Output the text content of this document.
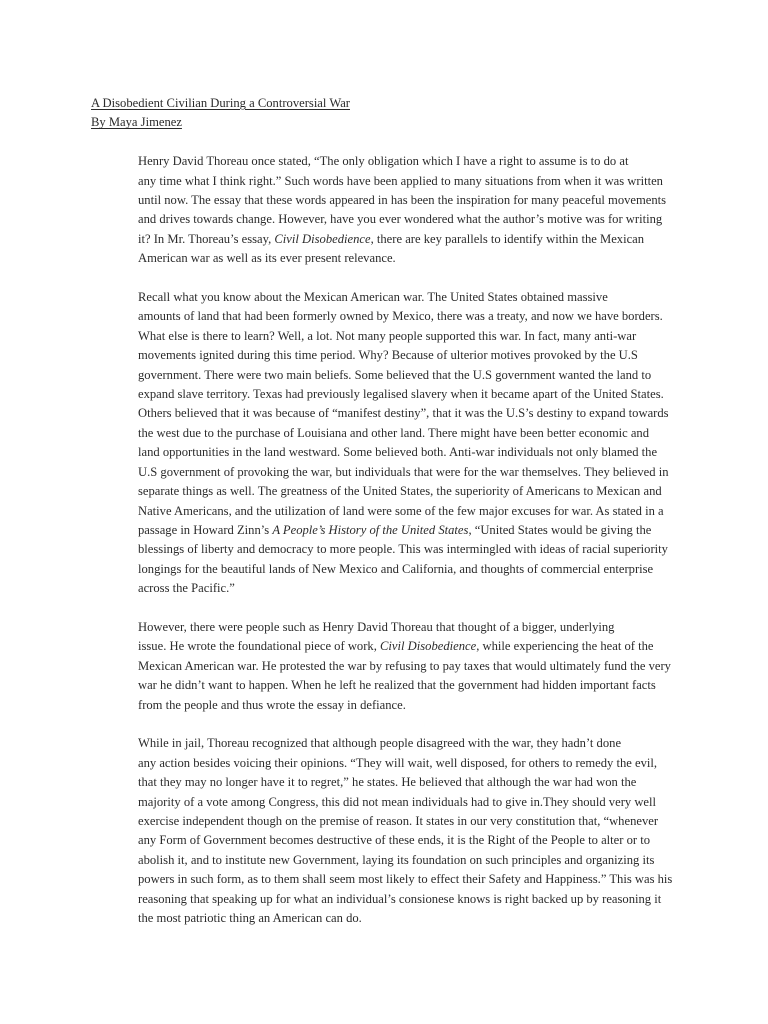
A Disobedient Civilian During a Controversial War
By Maya Jimenez
Henry David Thoreau once stated, “The only obligation which I have a right to assume is to do at
any time what I think right.” Such words have been applied to many situations from when it was written
until now. The essay that these words appeared in has been the inspiration for many peaceful movements
and drives towards change. However, have you ever wondered what the author’s motive was for writing
it? In Mr. Thoreau’s essay, Civil Disobedience, there are key parallels to identify within the Mexican
American war as well as its ever present relevance.
Recall what you know about the Mexican American war. The United States obtained massive
amounts of land that had been formerly owned by Mexico, there was a treaty, and now we have borders.
What else is there to learn? Well, a lot. Not many people supported this war. In fact, many anti-war
movements ignited during this time period. Why? Because of ulterior motives provoked by the U.S
government. There were two main beliefs. Some believed that the U.S government wanted the land to
expand slave territory. Texas had previously legalised slavery when it became apart of the United States.
Others believed that it was because of “manifest destiny”, that it was the U.S’s destiny to expand towards
the west due to the purchase of Louisiana and other land. There might have been better economic and
land opportunities in the land westward. Some believed both. Anti-war individuals not only blamed the
U.S government of provoking the war, but individuals that were for the war themselves. They believed in
separate things as well. The greatness of the United States, the superiority of Americans to Mexican and
Native Americans, and the utilization of land were some of the few major excuses for war. As stated in a
passage in Howard Zinn’s A People’s History of the United States, “United States would be giving the
blessings of liberty and democracy to more people. This was intermingled with ideas of racial superiority
longings for the beautiful lands of New Mexico and California, and thoughts of commercial enterprise
across the Pacific.”
However, there were people such as Henry David Thoreau that thought of a bigger, underlying
issue. He wrote the foundational piece of work, Civil Disobedience, while experiencing the heat of the
Mexican American war. He protested the war by refusing to pay taxes that would ultimately fund the very
war he didn’t want to happen. When he left he realized that the government had hidden important facts
from the people and thus wrote the essay in defiance.
While in jail, Thoreau recognized that although people disagreed with the war, they hadn’t done
any action besides voicing their opinions. “They will wait, well disposed, for others to remedy the evil,
that they may no longer have it to regret,” he states. He believed that although the war had won the
majority of a vote among Congress, this did not mean individuals had to give in.They should very well
exercise independent though on the premise of reason. It states in our very constitution that, “whenever
any Form of Government becomes destructive of these ends, it is the Right of the People to alter or to
abolish it, and to institute new Government, laying its foundation on such principles and organizing its
powers in such form, as to them shall seem most likely to effect their Safety and Happiness.” This was his
reasoning that speaking up for what an individual’s consionese knows is right backed up by reasoning it
the most patriotic thing an American can do.
